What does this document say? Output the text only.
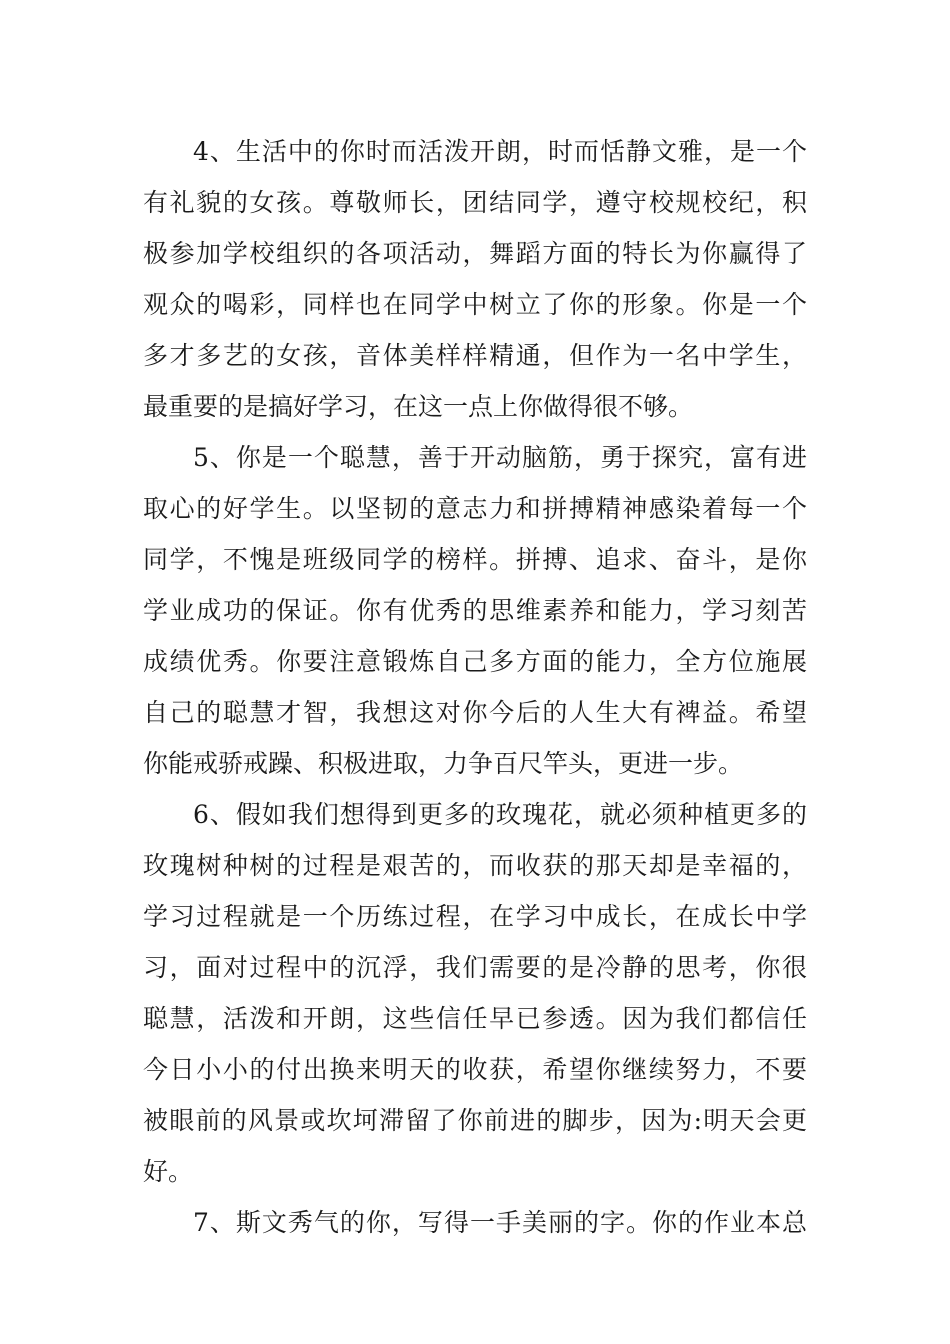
4、生活中的你时而活泼开朗，时而恬静文雅，是一个
有礼貌的女孩。尊敬师长，团结同学，遵守校规校纪，积
极参加学校组织的各项活动，舞蹈方面的特长为你赢得了
观众的喝彩，同样也在同学中树立了你的形象。你是一个
多才多艺的女孩，音体美样样精通，但作为一名中学生，
最重要的是搞好学习，在这一点上你做得很不够。
5、你是一个聪慧，善于开动脑筋，勇于探究，富有进
取心的好学生。以坚韧的意志力和拼搏精神感染着每一个
同学，不愧是班级同学的榜样。拼搏、追求、奋斗，是你
学业成功的保证。你有优秀的思维素养和能力，学习刻苦
成绩优秀。你要注意锻炼自己多方面的能力，全方位施展
自己的聪慧才智，我想这对你今后的人生大有裨益。希望
你能戒骄戒躁、积极进取，力争百尺竿头，更进一步。
6、假如我们想得到更多的玫瑰花，就必须种植更多的
玫瑰树种树的过程是艰苦的，而收获的那天却是幸福的，
学习过程就是一个历练过程，在学习中成长，在成长中学
习，面对过程中的沉浮，我们需要的是冷静的思考，你很
聪慧，活泼和开朗，这些信任早已参透。因为我们都信任
今日小小的付出换来明天的收获，希望你继续努力，不要
被眼前的风景或坎坷滞留了你前进的脚步，因为:明天会更
好。
7、斯文秀气的你，写得一手美丽的字。你的作业本总
